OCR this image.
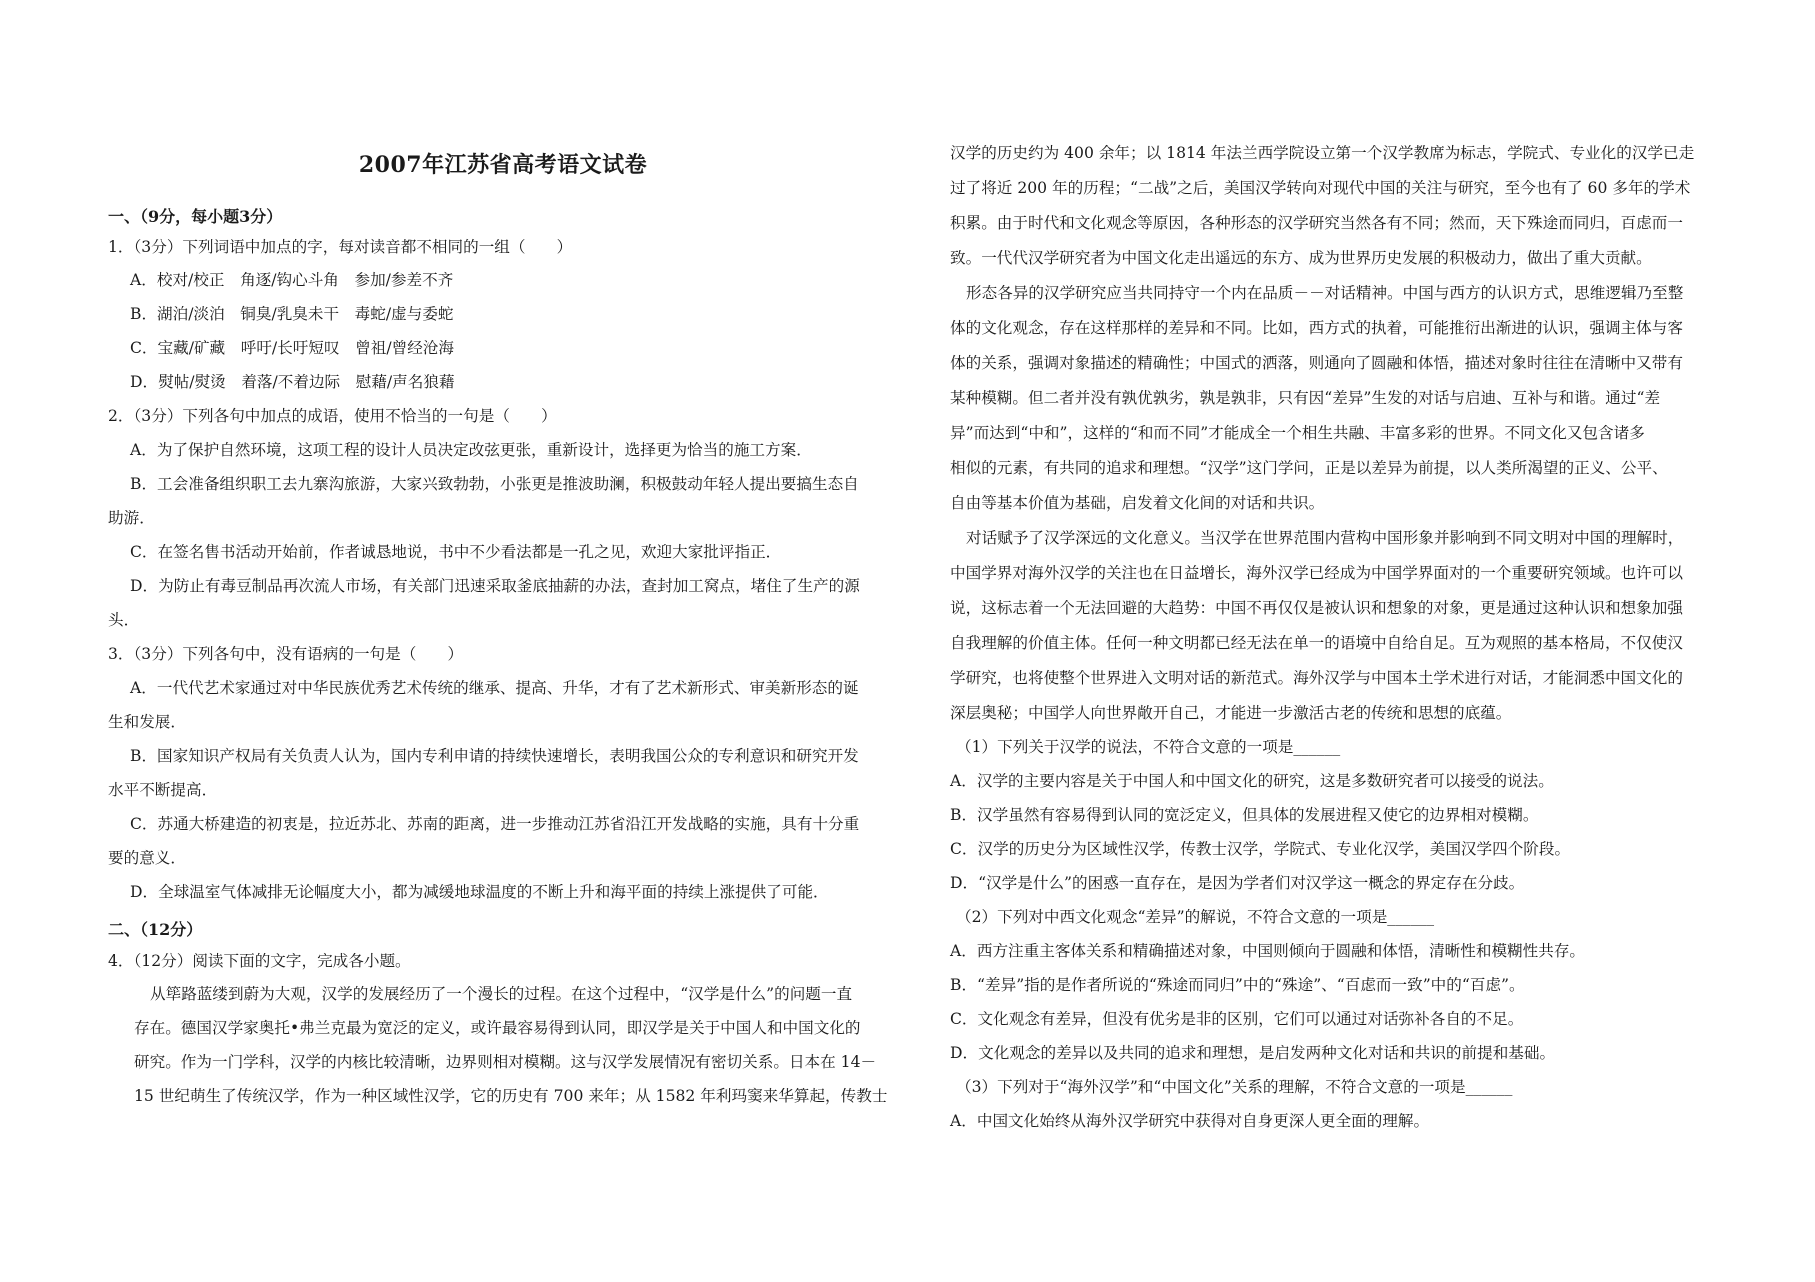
2007年江苏省高考语文试卷
一、（9分，每小题3分）
1．（3分）下列词语中加点的字，每对读音都不相同的一组（　　）
A．校对/校正　角逐/钩心斗角　参加/参差不齐
B．湖泊/淡泊　铜臭/乳臭未干　毒蛇/虚与委蛇
C．宝藏/矿藏　呼吁/长吁短叹　曾祖/曾经沧海
D．熨帖/熨烫　着落/不着边际　慰藉/声名狼藉
2．（3分）下列各句中加点的成语，使用不恰当的一句是（　　）
A．为了保护自然环境，这项工程的设计人员决定改弦更张，重新设计，选择更为恰当的施工方案．
B．工会准备组织职工去九寨沟旅游，大家兴致勃勃，小张更是推波助澜，积极鼓动年轻人提出要搞生态自
助游．
C．在签名售书活动开始前，作者诚恳地说，书中不少看法都是一孔之见，欢迎大家批评指正．
D．为防止有毒豆制品再次流人市场，有关部门迅速采取釜底抽薪的办法，查封加工窝点，堵住了生产的源
头．
3．（3分）下列各句中，没有语病的一句是（　　）
A．一代代艺术家通过对中华民族优秀艺术传统的继承、提高、升华，才有了艺术新形式、审美新形态的诞
生和发展．
B．国家知识产权局有关负责人认为，国内专利申请的持续快速增长，表明我国公众的专利意识和研究开发
水平不断提高．
C．苏通大桥建造的初衷是，拉近苏北、苏南的距离，进一步推动江苏省沿江开发战略的实施，具有十分重
要的意义．
D．全球温室气体减排无论幅度大小，都为减缓地球温度的不断上升和海平面的持续上涨提供了可能．
二、（12分）
4．（12分）阅读下面的文字，完成各小题。
从筚路蓝缕到蔚为大观，汉学的发展经历了一个漫长的过程。在这个过程中，“汉学是什么”的问题一直
存在。德国汉学家奥托•弗兰克最为宽泛的定义，或许最容易得到认同，即汉学是关于中国人和中国文化的
研究。作为一门学科，汉学的内核比较清晰，边界则相对模糊。这与汉学发展情况有密切关系。日本在 14－
15 世纪萌生了传统汉学，作为一种区域性汉学，它的历史有 700 来年；从 1582 年利玛窦来华算起，传教士
汉学的历史约为 400 余年；以 1814 年法兰西学院设立第一个汉学教席为标志，学院式、专业化的汉学已走
过了将近 200 年的历程；“二战”之后，美国汉学转向对现代中国的关注与研究，至今也有了 60 多年的学术
积累。由于时代和文化观念等原因，各种形态的汉学研究当然各有不同；然而，天下殊途而同归，百虑而一
致。一代代汉学研究者为中国文化走出遥远的东方、成为世界历史发展的积极动力，做出了重大贡献。
形态各异的汉学研究应当共同持守一个内在品质－－对话精神。中国与西方的认识方式，思维逻辑乃至整
体的文化观念，存在这样那样的差异和不同。比如，西方式的执着，可能推衍出渐进的认识，强调主体与客
体的关系，强调对象描述的精确性；中国式的洒落，则通向了圆融和体悟，描述对象时往往在清晰中又带有
某种模糊。但二者并没有孰优孰劣，孰是孰非，只有因“差异”生发的对话与启迪、互补与和谐。通过“差
异”而达到“中和”，这样的“和而不同”才能成全一个相生共融、丰富多彩的世界。不同文化又包含诸多
相似的元素，有共同的追求和理想。“汉学”这门学问，正是以差异为前提，以人类所渴望的正义、公平、
自由等基本价值为基础，启发着文化间的对话和共识。
对话赋予了汉学深远的文化意义。当汉学在世界范围内营构中国形象并影响到不同文明对中国的理解时，
中国学界对海外汉学的关注也在日益增长，海外汉学已经成为中国学界面对的一个重要研究领域。也许可以
说，这标志着一个无法回避的大趋势：中国不再仅仅是被认识和想象的对象，更是通过这种认识和想象加强
自我理解的价值主体。任何一种文明都已经无法在单一的语境中自给自足。互为观照的基本格局，不仅使汉
学研究，也将使整个世界进入文明对话的新范式。海外汉学与中国本土学术进行对话，才能洞悉中国文化的
深层奥秘；中国学人向世界敞开自己，才能进一步激活古老的传统和思想的底蕴。
（1）下列关于汉学的说法，不符合文意的一项是______
A．汉学的主要内容是关于中国人和中国文化的研究，这是多数研究者可以接受的说法。
B．汉学虽然有容易得到认同的宽泛定义，但具体的发展进程又使它的边界相对模糊。
C．汉学的历史分为区域性汉学，传教士汉学，学院式、专业化汉学，美国汉学四个阶段。
D．“汉学是什么”的困惑一直存在，是因为学者们对汉学这一概念的界定存在分歧。
（2）下列对中西文化观念“差异”的解说，不符合文意的一项是______
A．西方注重主客体关系和精确描述对象，中国则倾向于圆融和体悟，清晰性和模糊性共存。
B．“差异”指的是作者所说的“殊途而同归”中的“殊途”、“百虑而一致”中的“百虑”。
C．文化观念有差异，但没有优劣是非的区别，它们可以通过对话弥补各自的不足。
D．文化观念的差异以及共同的追求和理想，是启发两种文化对话和共识的前提和基础。
（3）下列对于“海外汉学”和“中国文化”关系的理解，不符合文意的一项是______
A．中国文化始终从海外汉学研究中获得对自身更深人更全面的理解。
